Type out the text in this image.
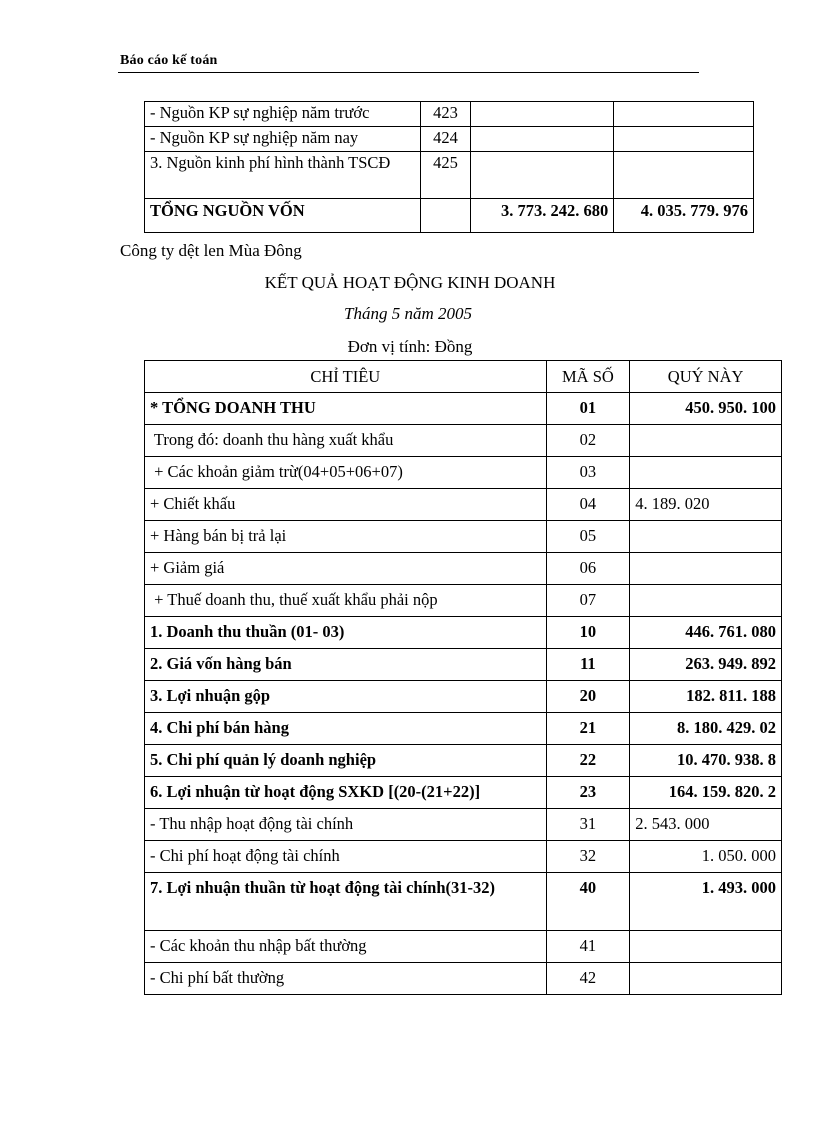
Báo cáo kế toán
- Nguồn KP sự nghiệp năm trước	423		
- Nguồn KP sự nghiệp năm nay	424		
3. Nguồn kinh phí hình thành TSCĐ	425		
TỔNG NGUỒN VỐN		3. 773. 242. 680	4. 035. 779. 976
Công ty dệt len Mùa Đông
KẾT QUẢ HOẠT ĐỘNG KINH DOANH
Tháng 5 năm 2005
Đơn vị tính: Đồng
CHỈ TIÊU	MÃ SỐ	QUÝ NÀY
* TỔNG DOANH THU	01	450. 950. 100
Trong đó: doanh thu hàng xuất khẩu	02	
+ Các khoản giảm trừ(04+05+06+07)	03	
+ Chiết khấu	04	4. 189. 020
+ Hàng bán bị trả lại	05	
+ Giảm giá	06	
+ Thuế doanh thu, thuế xuất khẩu phải nộp	07	
1. Doanh thu thuần (01- 03)	10	446. 761. 080
2. Giá vốn hàng bán	11	263. 949. 892
3. Lợi nhuận gộp	20	182. 811. 188
4. Chi phí bán hàng	21	8. 180. 429. 02
5. Chi phí quản lý doanh nghiệp	22	10. 470. 938. 8
6. Lợi nhuận từ hoạt động SXKD [(20-(21+22)]	23	164. 159. 820. 2
- Thu nhập hoạt động tài chính	31	2. 543. 000
- Chi phí hoạt động tài chính	32	1. 050. 000
7. Lợi nhuận thuần từ hoạt động tài chính(31-32)	40	1. 493. 000
- Các khoản thu nhập bất thường	41	
- Chi phí bất thường	42	
